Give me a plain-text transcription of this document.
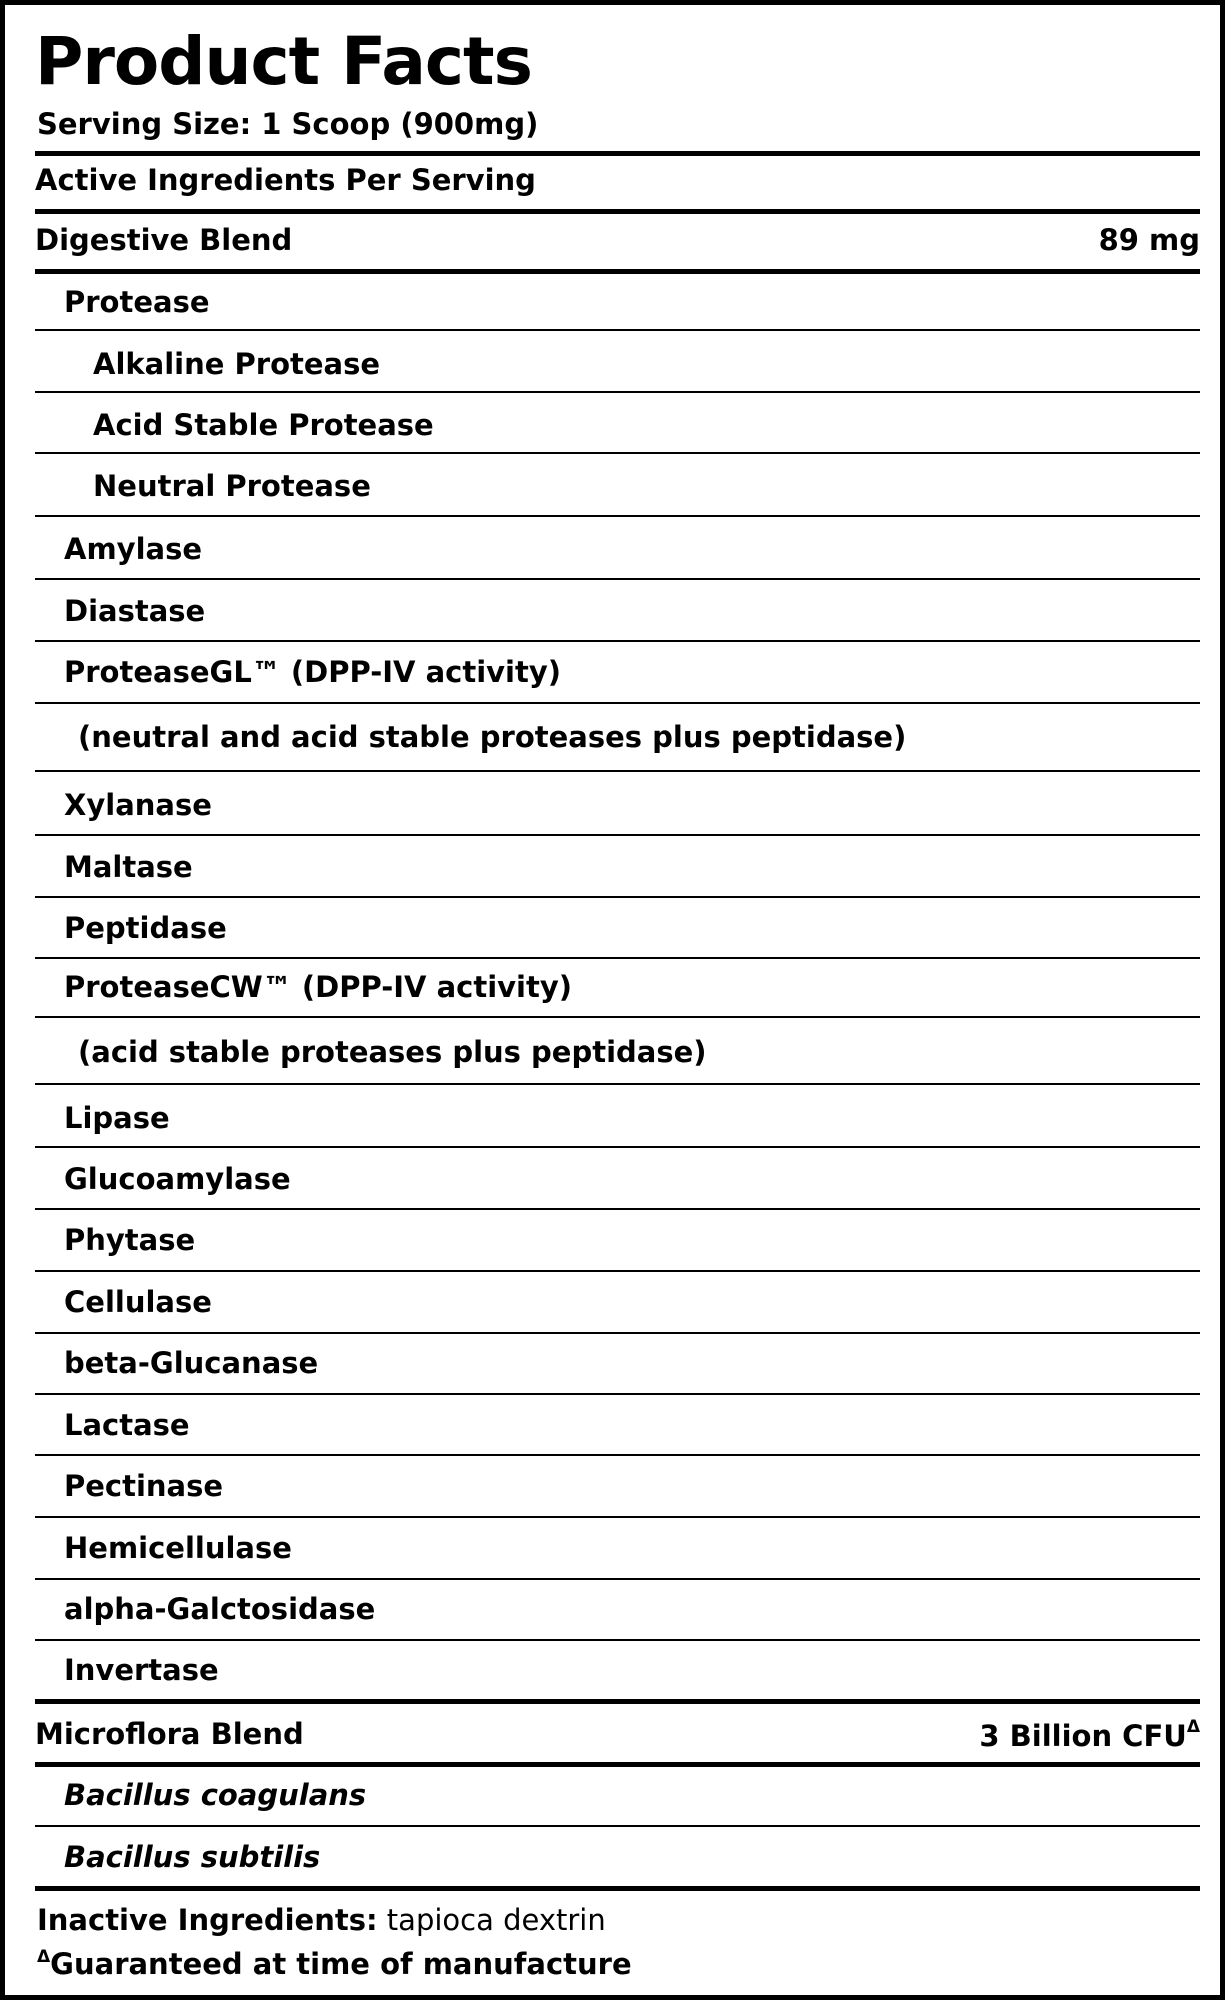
Product Facts
Serving Size: 1 Scoop (900mg)
Active Ingredients Per Serving
Digestive Blend	89 mg
Microflora Blend	3 Billion $CFU^\Delta$
Inactive Ingredients: tapioca dextrin
$^\Delta$Guaranteed at time of manufacture
Protease
Alkaline Protease
Acid Stable Protease
Neutral Protease
Amylase
Diastase
ProteaseGL™ (DPP-IV activity)
(neutral and acid stable proteases plus peptidase)
Xylanase
Maltase
Peptidase
ProteaseCW™ (DPP-IV activity)
(acid stable proteases plus peptidase)
Lipase
Glucoamylase
Phytase
Cellulase
beta-Glucanase
Lactase
Pectinase
Hemicellulase
alpha-Galctosidase
Invertase
Bacillus coagulans
Bacillus subtilis
